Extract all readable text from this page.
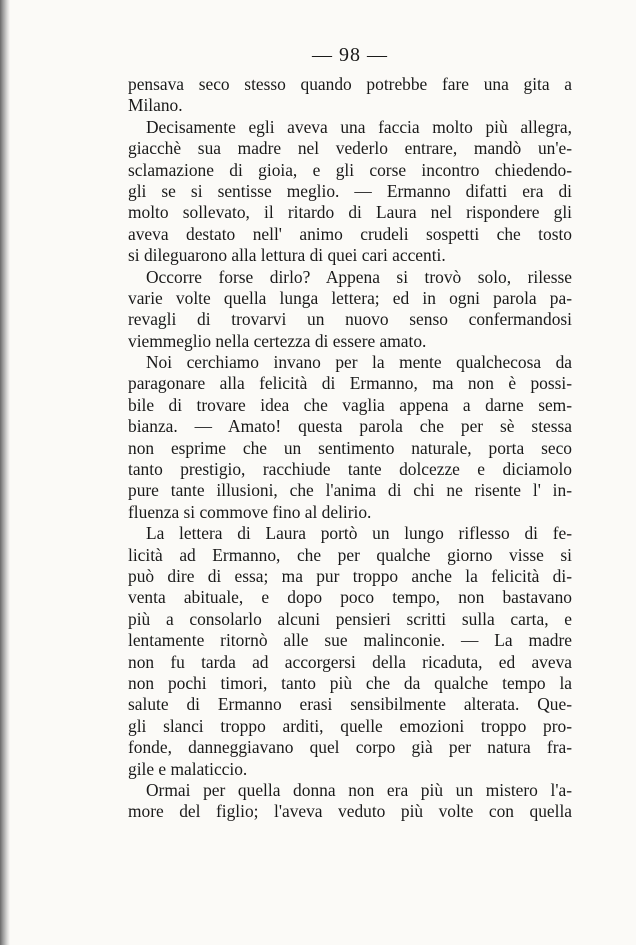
— 98 —
pensava seco stesso quando potrebbe fare una gita a
Milano.
Decisamente egli aveva una faccia molto più allegra,
giacchè sua madre nel vederlo entrare, mandò un'e-
sclamazione di gioia, e gli corse incontro chiedendo-
gli se si sentisse meglio. — Ermanno difatti era di
molto sollevato, il ritardo di Laura nel rispondere gli
aveva destato nell' animo crudeli sospetti che tosto
si dileguarono alla lettura di quei cari accenti.
Occorre forse dirlo? Appena si trovò solo, rilesse
varie volte quella lunga lettera; ed in ogni parola pa-
revagli di trovarvi un nuovo senso confermandosi
viemmeglio nella certezza di essere amato.
Noi cerchiamo invano per la mente qualchecosa da
paragonare alla felicità di Ermanno, ma non è possi-
bile di trovare idea che vaglia appena a darne sem-
bianza. — Amato! questa parola che per sè stessa
non esprime che un sentimento naturale, porta seco
tanto prestigio, racchiude tante dolcezze e diciamolo
pure tante illusioni, che l'anima di chi ne risente l' in-
fluenza si commove fino al delirio.
La lettera di Laura portò un lungo riflesso di fe-
licità ad Ermanno, che per qualche giorno visse si
può dire di essa; ma pur troppo anche la felicità di-
venta abituale, e dopo poco tempo, non bastavano
più a consolarlo alcuni pensieri scritti sulla carta, e
lentamente ritornò alle sue malinconie. — La madre
non fu tarda ad accorgersi della ricaduta, ed aveva
non pochi timori, tanto più che da qualche tempo la
salute di Ermanno erasi sensibilmente alterata. Que-
gli slanci troppo arditi, quelle emozioni troppo pro-
fonde, danneggiavano quel corpo già per natura fra-
gile e malaticcio.
Ormai per quella donna non era più un mistero l'a-
more del figlio; l'aveva veduto più volte con quella
